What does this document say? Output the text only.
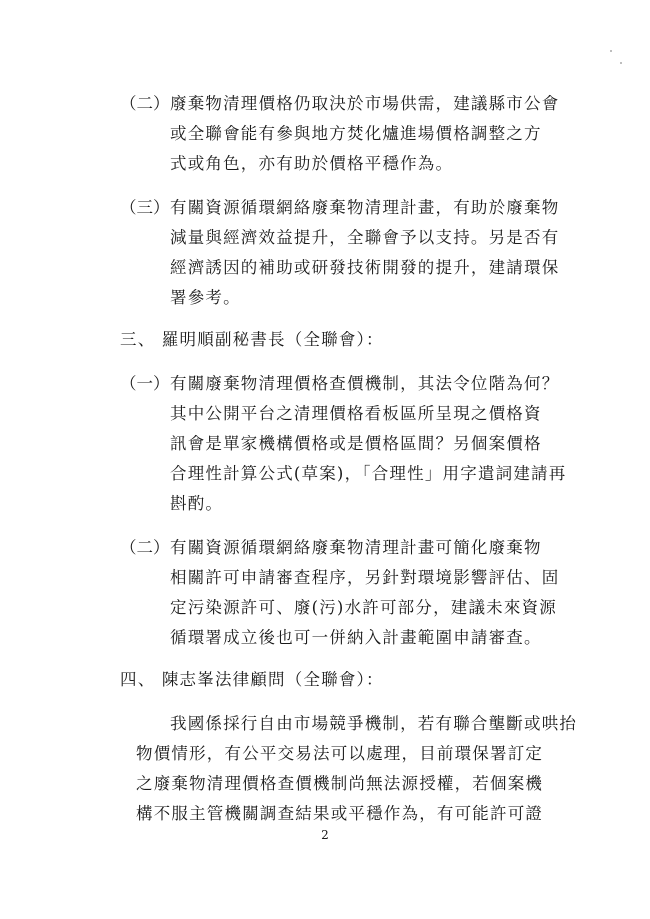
（二） 廢棄物清理價格仍取決於市場供需，建議縣市公會
或全聯會能有參與地方焚化爐進場價格調整之方
式或角色，亦有助於價格平穩作為。
（三） 有關資源循環網絡廢棄物清理計畫，有助於廢棄物
減量與經濟效益提升，全聯會予以支持。另是否有
經濟誘因的補助或研發技術開發的提升，建請環保
署參考。
三、 羅明順副秘書長（全聯會）：
（一） 有關廢棄物清理價格查價機制，其法令位階為何？
其中公開平台之清理價格看板區所呈現之價格資
訊會是單家機構價格或是價格區間？另個案價格
合理性計算公式(草案)，「合理性」用字遣詞建請再
斟酌。
（二） 有關資源循環網絡廢棄物清理計畫可簡化廢棄物
相關許可申請審查程序，另針對環境影響評估、固
定污染源許可、廢(污)水許可部分，建議未來資源
循環署成立後也可一併納入計畫範圍申請審查。
四、 陳志峯法律顧問（全聯會）：
我國係採行自由市場競爭機制，若有聯合壟斷或哄抬
物價情形，有公平交易法可以處理，目前環保署訂定
之廢棄物清理價格查價機制尚無法源授權，若個案機
構不服主管機關調查結果或平穩作為，有可能許可證
2
